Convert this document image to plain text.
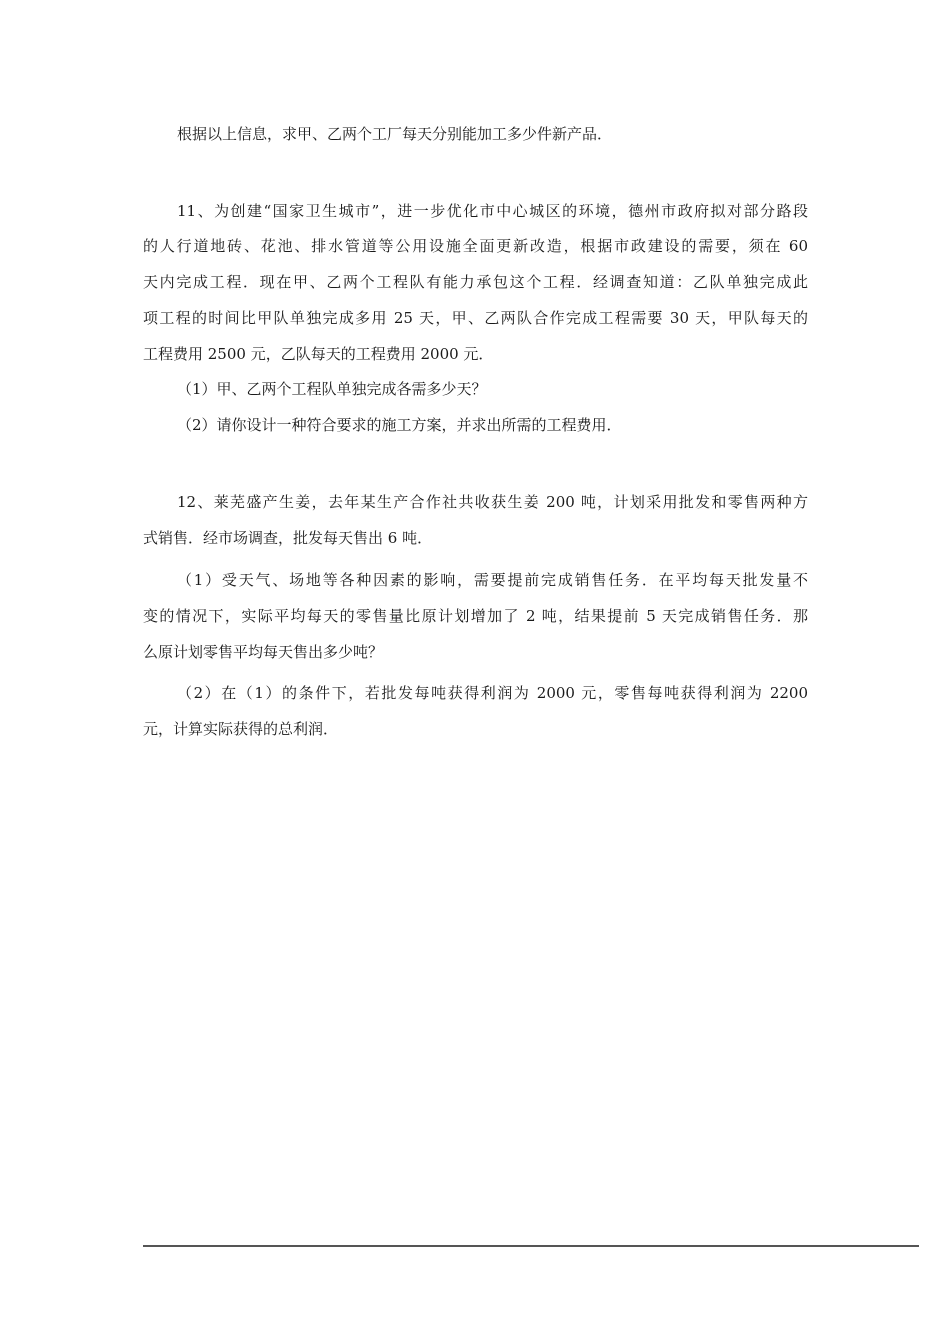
根据以上信息，求甲、乙两个工厂每天分别能加工多少件新产品．
11、为创建“国家卫生城市”，进一步优化市中心城区的环境，德州市政府拟对部分路段
的人行道地砖、花池、排水管道等公用设施全面更新改造，根据市政建设的需要，须在 60
天内完成工程．现在甲、乙两个工程队有能力承包这个工程．经调查知道：乙队单独完成此
项工程的时间比甲队单独完成多用 25 天，甲、乙两队合作完成工程需要 30 天，甲队每天的
工程费用 2500 元，乙队每天的工程费用 2000 元．
（1）甲、乙两个工程队单独完成各需多少天？
（2）请你设计一种符合要求的施工方案，并求出所需的工程费用．
12、莱芜盛产生姜，去年某生产合作社共收获生姜 200 吨，计划采用批发和零售两种方
式销售．经市场调查，批发每天售出 6 吨．
（1）受天气、场地等各种因素的影响，需要提前完成销售任务．在平均每天批发量不
变的情况下，实际平均每天的零售量比原计划增加了 2 吨，结果提前 5 天完成销售任务．那
么原计划零售平均每天售出多少吨？
（2）在（1）的条件下，若批发每吨获得利润为 2000 元，零售每吨获得利润为 2200
元，计算实际获得的总利润．
